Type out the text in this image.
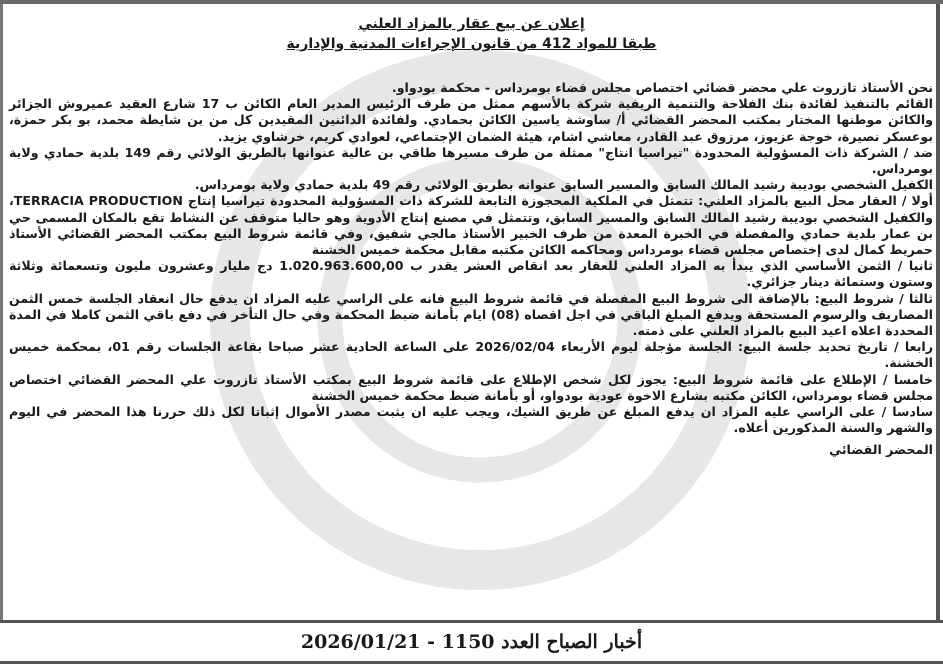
إعلان عن بيع عقار بالمزاد العلني
طبقا للمواد 412 من قانون الإجراءات المدنية والإدارية

نحن الأستاذ تازروت علي محضر قضائي اختصاص مجلس قضاء بومرداس - محكمة بودواو.

القائم بالتنفيذ لفائدة بنك الفلاحة والتنمية الريفية شركة بالأسهم ممثل من طرف الرئيس المدير العام الكائن ب 17 شارع العقيد عميروش الجزائر والكائن موطنها المختار بمكتب المحضر القضائي أ/ ساوشة ياسين الكائن بحمادي. ولفائدة الدائنين المقيدين كل من بن شايطة محمد، بو بكر حمزة، بوعسكر نصيرة، خوجة عزيوز، مرزوق عبد القادر، معاشي اشام، هيئة الضمان الإجتماعي، لعوادي كريم، خرشاوي يزيد.

ضد / الشركة ذات المسؤولية المحدودة "تيراسيا انتاج" ممثلة من طرف مسيرها طاقي بن عالية عنوانها بالطريق الولائي رقم 149 بلدية حمادي ولاية بومرداس.

الكفيل الشخصي بوديبة رشيد المالك السابق والمسير السابق عنوانه بطريق الولائي رقم 49 بلدية حمادي ولاية بومرداس.

أولا / العقار محل البيع بالمزاد العلني: تتمثل في الملكية المحجوزة التابعة للشركة ذات المسؤولية المحدودة تيراسيا إنتاج TERRACIA PRODUCTION، والكفيل الشخصي بوديبة رشيد المالك السابق والمسير السابق، وتتمثل في مصنع إنتاج الأدوية وهو حاليا متوقف عن النشاط تقع بالمكان المسمى حي بن عمار بلدية حمادي والمفصلة في الخبرة المعدة من طرف الخبير الأستاذ مالجي شفيق، وفي قائمة شروط البيع بمكتب المحضر القضائي الأستاذ حمريط كمال لدى إختصاص مجلس قضاء بومرداس ومحاكمه الكائن مكتبه مقابل محكمة خميس الخشنة

ثانيا / الثمن الأساسي الذي يبدأ به المزاد العلني للعقار بعد انقاص العشر يقدر ب 1.020.963.600,00 دج مليار وعشرون مليون وتسعمائة وثلاثة وستون وستمائة دينار جزائري.

ثالثا / شروط البيع: بالإضافة الى شروط البيع المفصلة في قائمة شروط البيع فانه على الراسي عليه المزاد ان يدفع حال انعقاد الجلسة خمس الثمن المصاريف والرسوم المستحقة ويدفع المبلغ الباقي في اجل اقصاه (08) ايام بأمانة ضبط المحكمة وفي حال التأخر في دفع باقي الثمن كاملا في المدة المحددة اعلاه اعيد البيع بالمزاد العلني على ذمته.

رابعا / تاريخ تحديد جلسة البيع: الجلسة مؤجلة ليوم الأربعاء 2026/02/04 على الساعة الحادية عشر صباحا بقاعة الجلسات رقم 01، بمحكمة خميس الخشنة.

خامسا / الإطلاع على قائمة شروط البيع: يجوز لكل شخص الإطلاع على قائمة شروط البيع بمكتب الأستاذ تازروت علي المحضر القضائي اختصاص مجلس قضاء بومرداس، الكائن مكتبه بشارع الاخوة عودية بودواو، أو بأمانة ضبط محكمة خميس الخشنة

سادسا / على الراسي عليه المزاد ان يدفع المبلغ عن طريق الشيك، ويجب عليه ان يثبت مصدر الأموال إثباتا لكل ذلك حررنا هذا المحضر في اليوم والشهر والسنة المذكورين أعلاه.

المحضر القضائي

أخبار الصباح العدد 1150 - 2026/01/21
